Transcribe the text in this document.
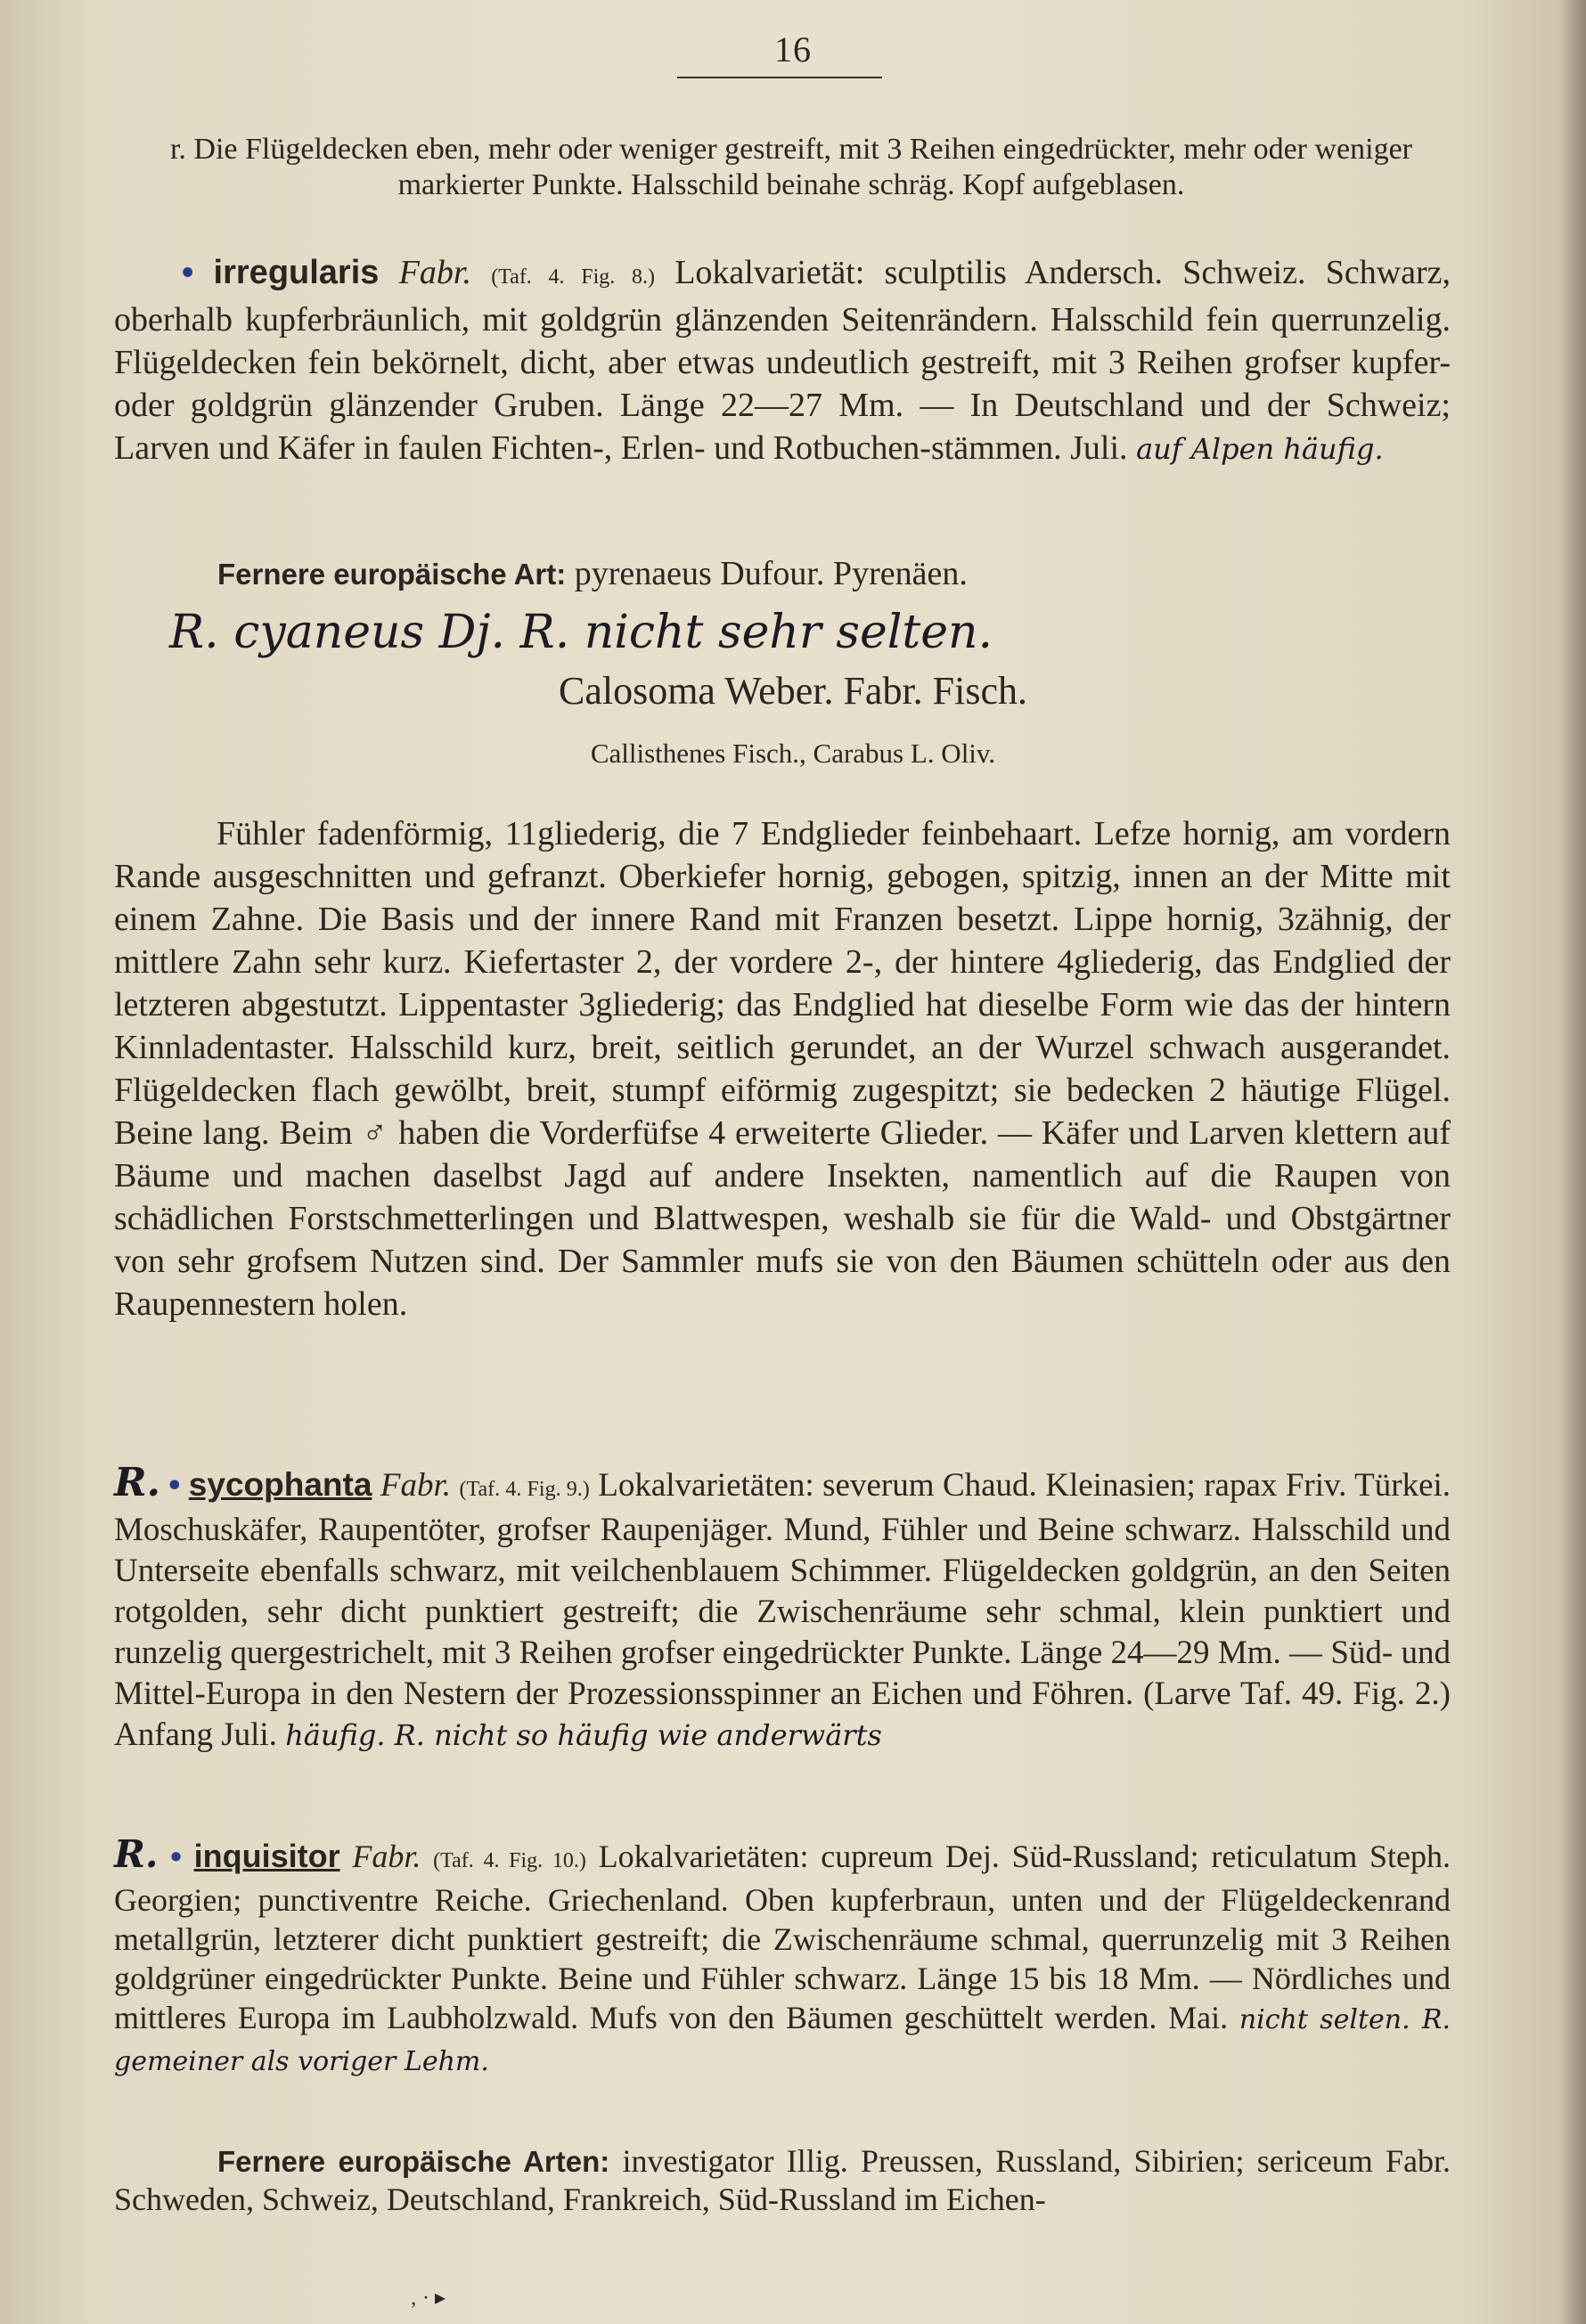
16
r. Die Flügeldecken eben, mehr oder weniger gestreift, mit 3 Reihen eingedrückter, mehr oder weniger markierter Punkte. Halsschild beinahe schräg. Kopf aufgeblasen.
• irregularis Fabr. (Taf. 4. Fig. 8.) Lokalvarietät: sculptilis Andersch. Schweiz. Schwarz, oberhalb kupferbräunlich, mit goldgrün glänzenden Seitenrändern. Halsschild fein querrunzelig. Flügeldecken fein bekörnelt, dicht, aber etwas undeutlich gestreift, mit 3 Reihen grofser kupfer- oder goldgrün glänzender Gruben. Länge 22—27 Mm. — In Deutschland und der Schweiz; Larven und Käfer in faulen Fichten-, Erlen- und Rotbuchen-stämmen. Juli. auf Alpen häufig.
Fernere europäische Art: pyrenaeus Dufour. Pyrenäen.
R. cyaneus Dj. R. nicht sehr selten.
Calosoma Weber. Fabr. Fisch.
Callisthenes Fisch., Carabus L. Oliv.
Fühler fadenförmig, 11gliederig, die 7 Endglieder feinbehaart. Lefze hornig, am vordern Rande ausgeschnitten und gefranzt. Oberkiefer hornig, gebogen, spitzig, innen an der Mitte mit einem Zahne. Die Basis und der innere Rand mit Franzen besetzt. Lippe hornig, 3zähnig, der mittlere Zahn sehr kurz. Kiefertaster 2, der vordere 2-, der hintere 4gliederig, das Endglied der letzteren abgestutzt. Lippentaster 3gliederig; das Endglied hat dieselbe Form wie das der hintern Kinnladentaster. Halsschild kurz, breit, seitlich gerundet, an der Wurzel schwach ausgerandet. Flügeldecken flach gewölbt, breit, stumpf eiförmig zugespitzt; sie bedecken 2 häutige Flügel. Beine lang. Beim ♂ haben die Vorderfüfse 4 erweiterte Glieder. — Käfer und Larven klettern auf Bäume und machen daselbst Jagd auf andere Insekten, namentlich auf die Raupen von schädlichen Forstschmetterlingen und Blattwespen, weshalb sie für die Wald- und Obstgärtner von sehr grofsem Nutzen sind. Der Sammler mufs sie von den Bäumen schütteln oder aus den Raupennestern holen.
R. • sycophanta Fabr. (Taf. 4. Fig. 9.) Lokalvarietäten: severum Chaud. Kleinasien; rapax Friv. Türkei. Moschuskäfer, Raupentöter, grofser Raupenjäger. Mund, Fühler und Beine schwarz. Halsschild und Unterseite ebenfalls schwarz, mit veilchenblauem Schimmer. Flügeldecken goldgrün, an den Seiten rotgolden, sehr dicht punktiert gestreift; die Zwischenräume sehr schmal, klein punktiert und runzelig quergestrichelt, mit 3 Reihen grofser eingedrückter Punkte. Länge 24—29 Mm. — Süd- und Mittel-Europa in den Nestern der Prozessionsspinner an Eichen und Föhren. (Larve Taf. 49. Fig. 2.) Anfang Juli. häufig. R. nicht so häufig wie anderwärts
R. • inquisitor Fabr. (Taf. 4. Fig. 10.) Lokalvarietäten: cupreum Dej. Süd-Russland; reticulatum Steph. Georgien; punctiventre Reiche. Griechenland. Oben kupferbraun, unten und der Flügeldeckenrand metallgrün, letzterer dicht punktiert gestreift; die Zwischenräume schmal, querrunzelig mit 3 Reihen goldgrüner eingedrückter Punkte. Beine und Fühler schwarz. Länge 15 bis 18 Mm. — Nördliches und mittleres Europa im Laubholzwald. Mufs von den Bäumen geschüttelt werden. Mai. nicht selten. R. gemeiner als voriger Lehm.
Fernere europäische Arten: investigator Illig. Preussen, Russland, Sibirien; sericeum Fabr. Schweden, Schweiz, Deutschland, Frankreich, Süd-Russland im Eichen-
‚ · ▸
